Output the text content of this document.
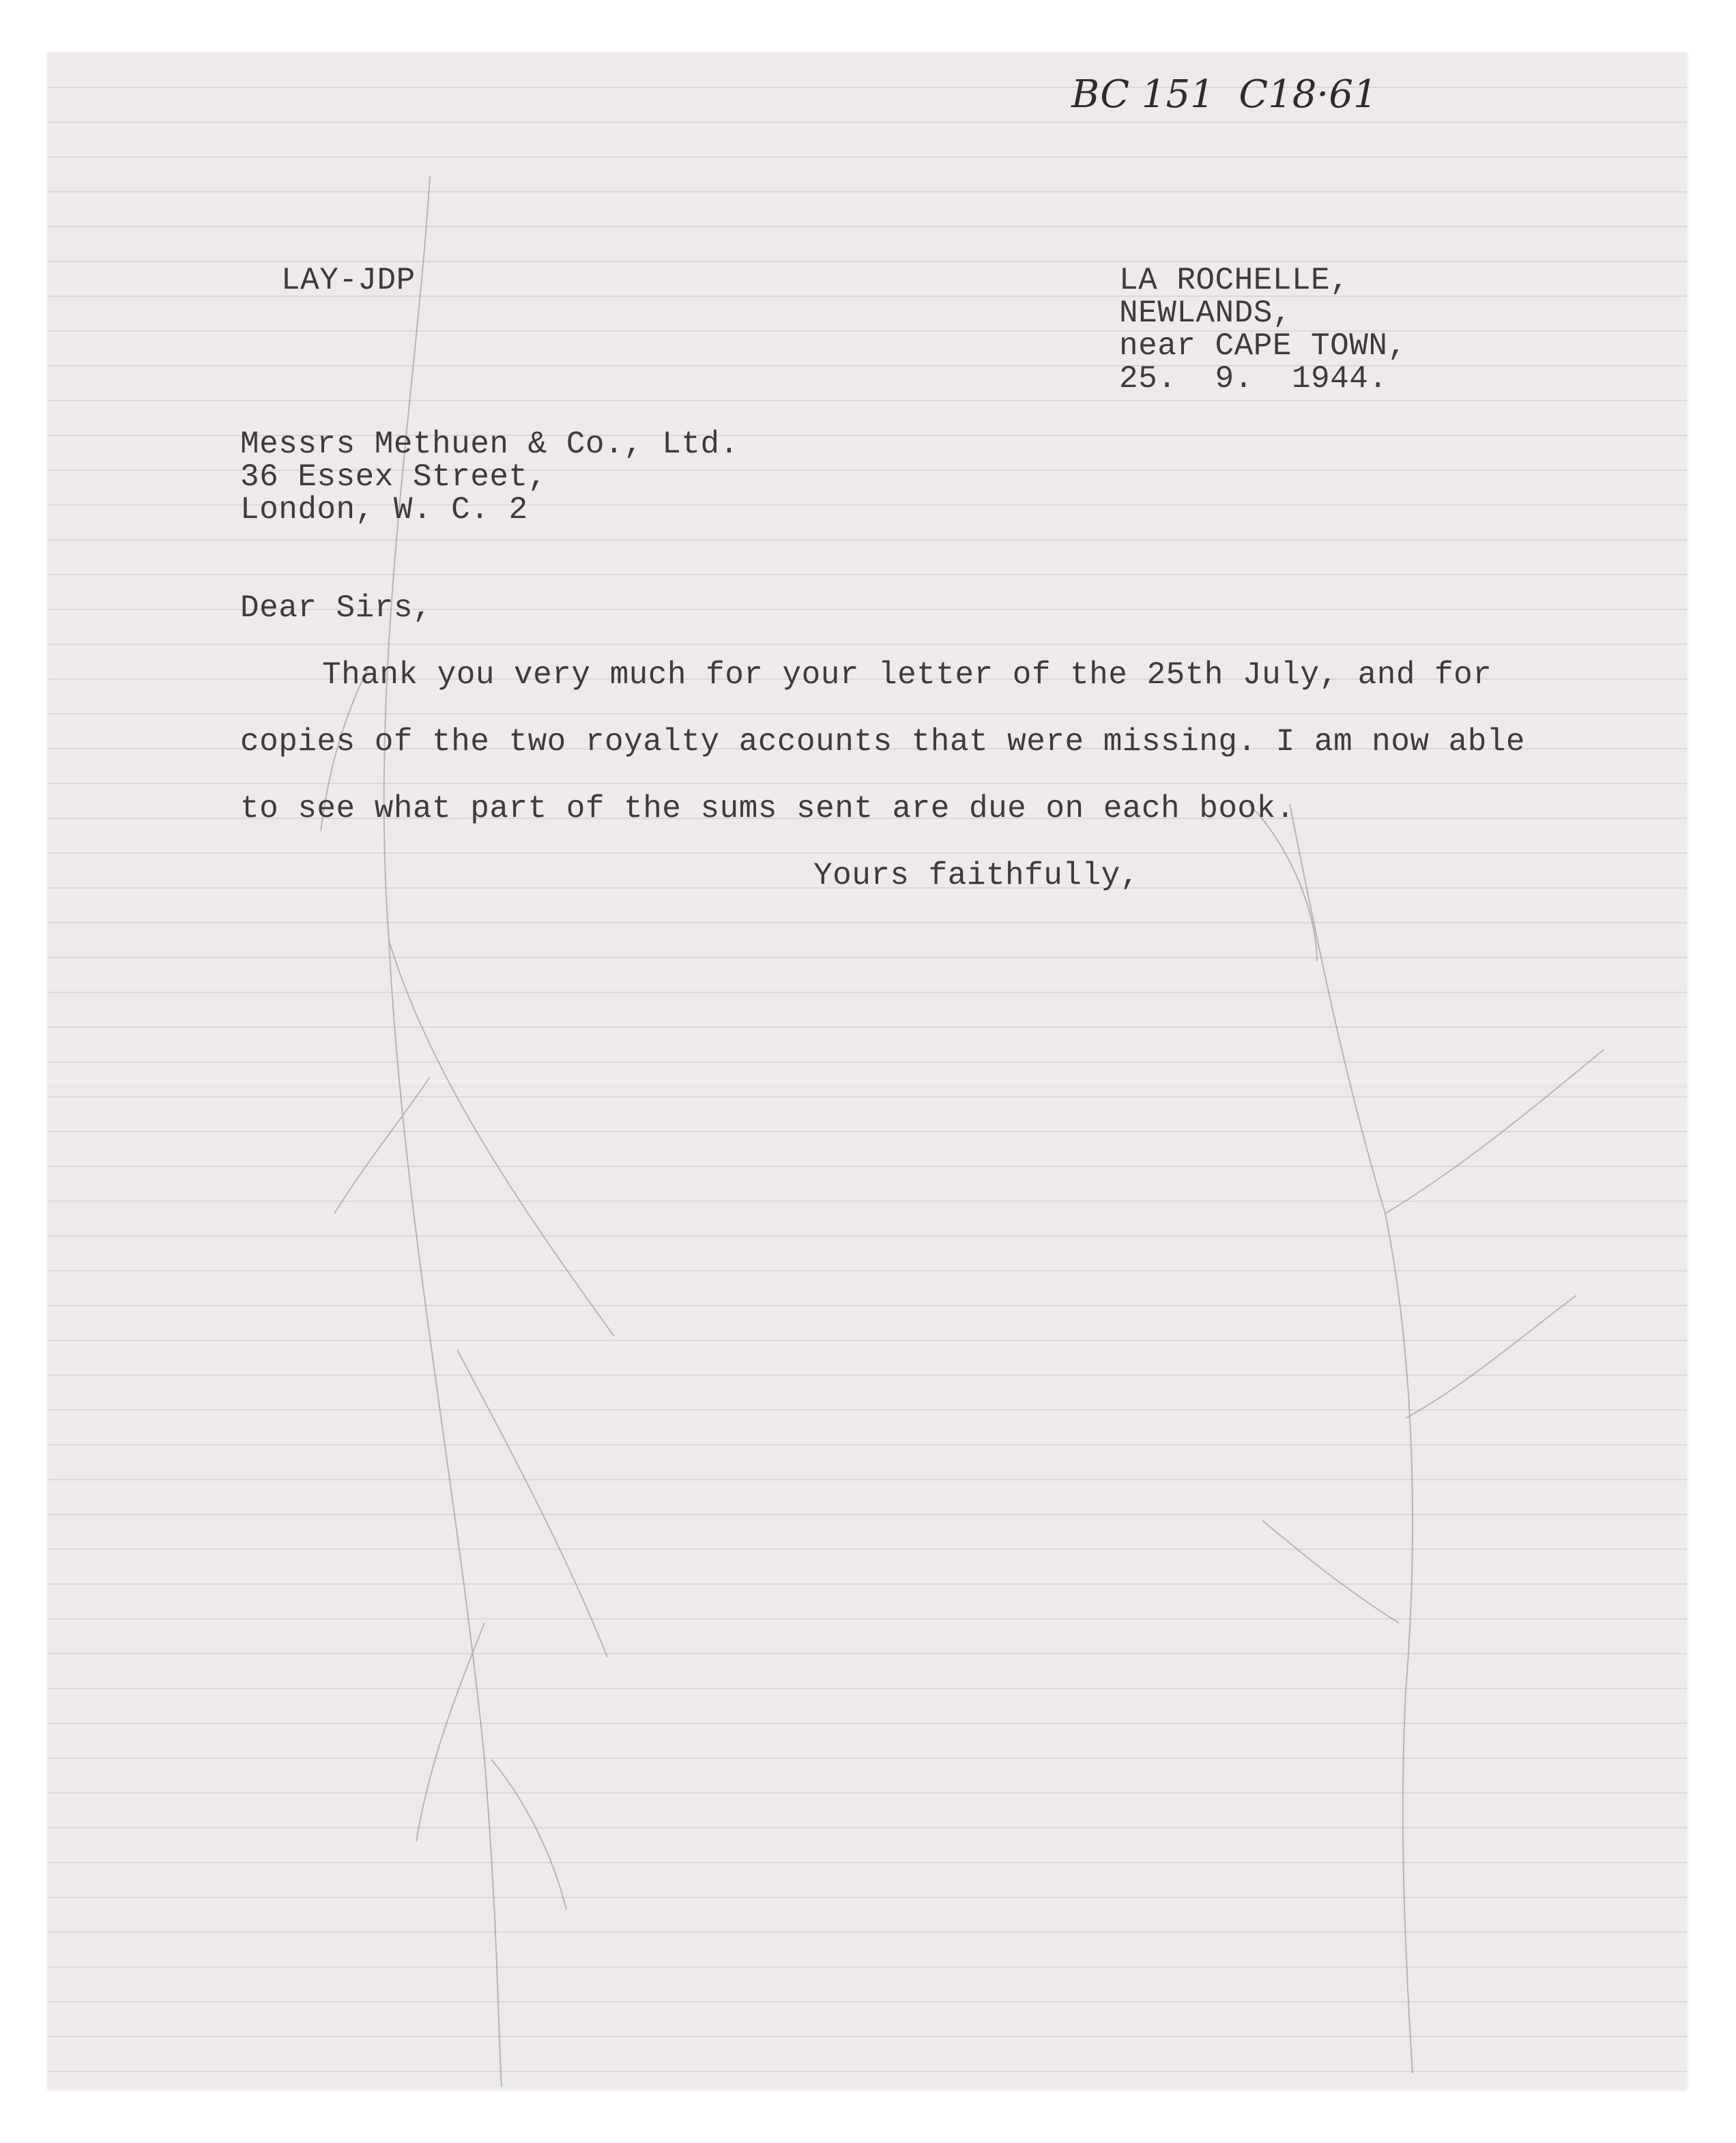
BC 151  C18·61
LAY-JDP	LA ROCHELLE,
NEWLANDS,
near CAPE TOWN,
25.  9.  1944.
Messrs Methuen & Co., Ltd.
36 Essex Street,
London, W. C. 2
Dear Sirs,
Thank you very much for your letter of the 25th July, and for
copies of the two royalty accounts that were missing. I am now able
to see what part of the sums sent are due on each book.
Yours faithfully,
